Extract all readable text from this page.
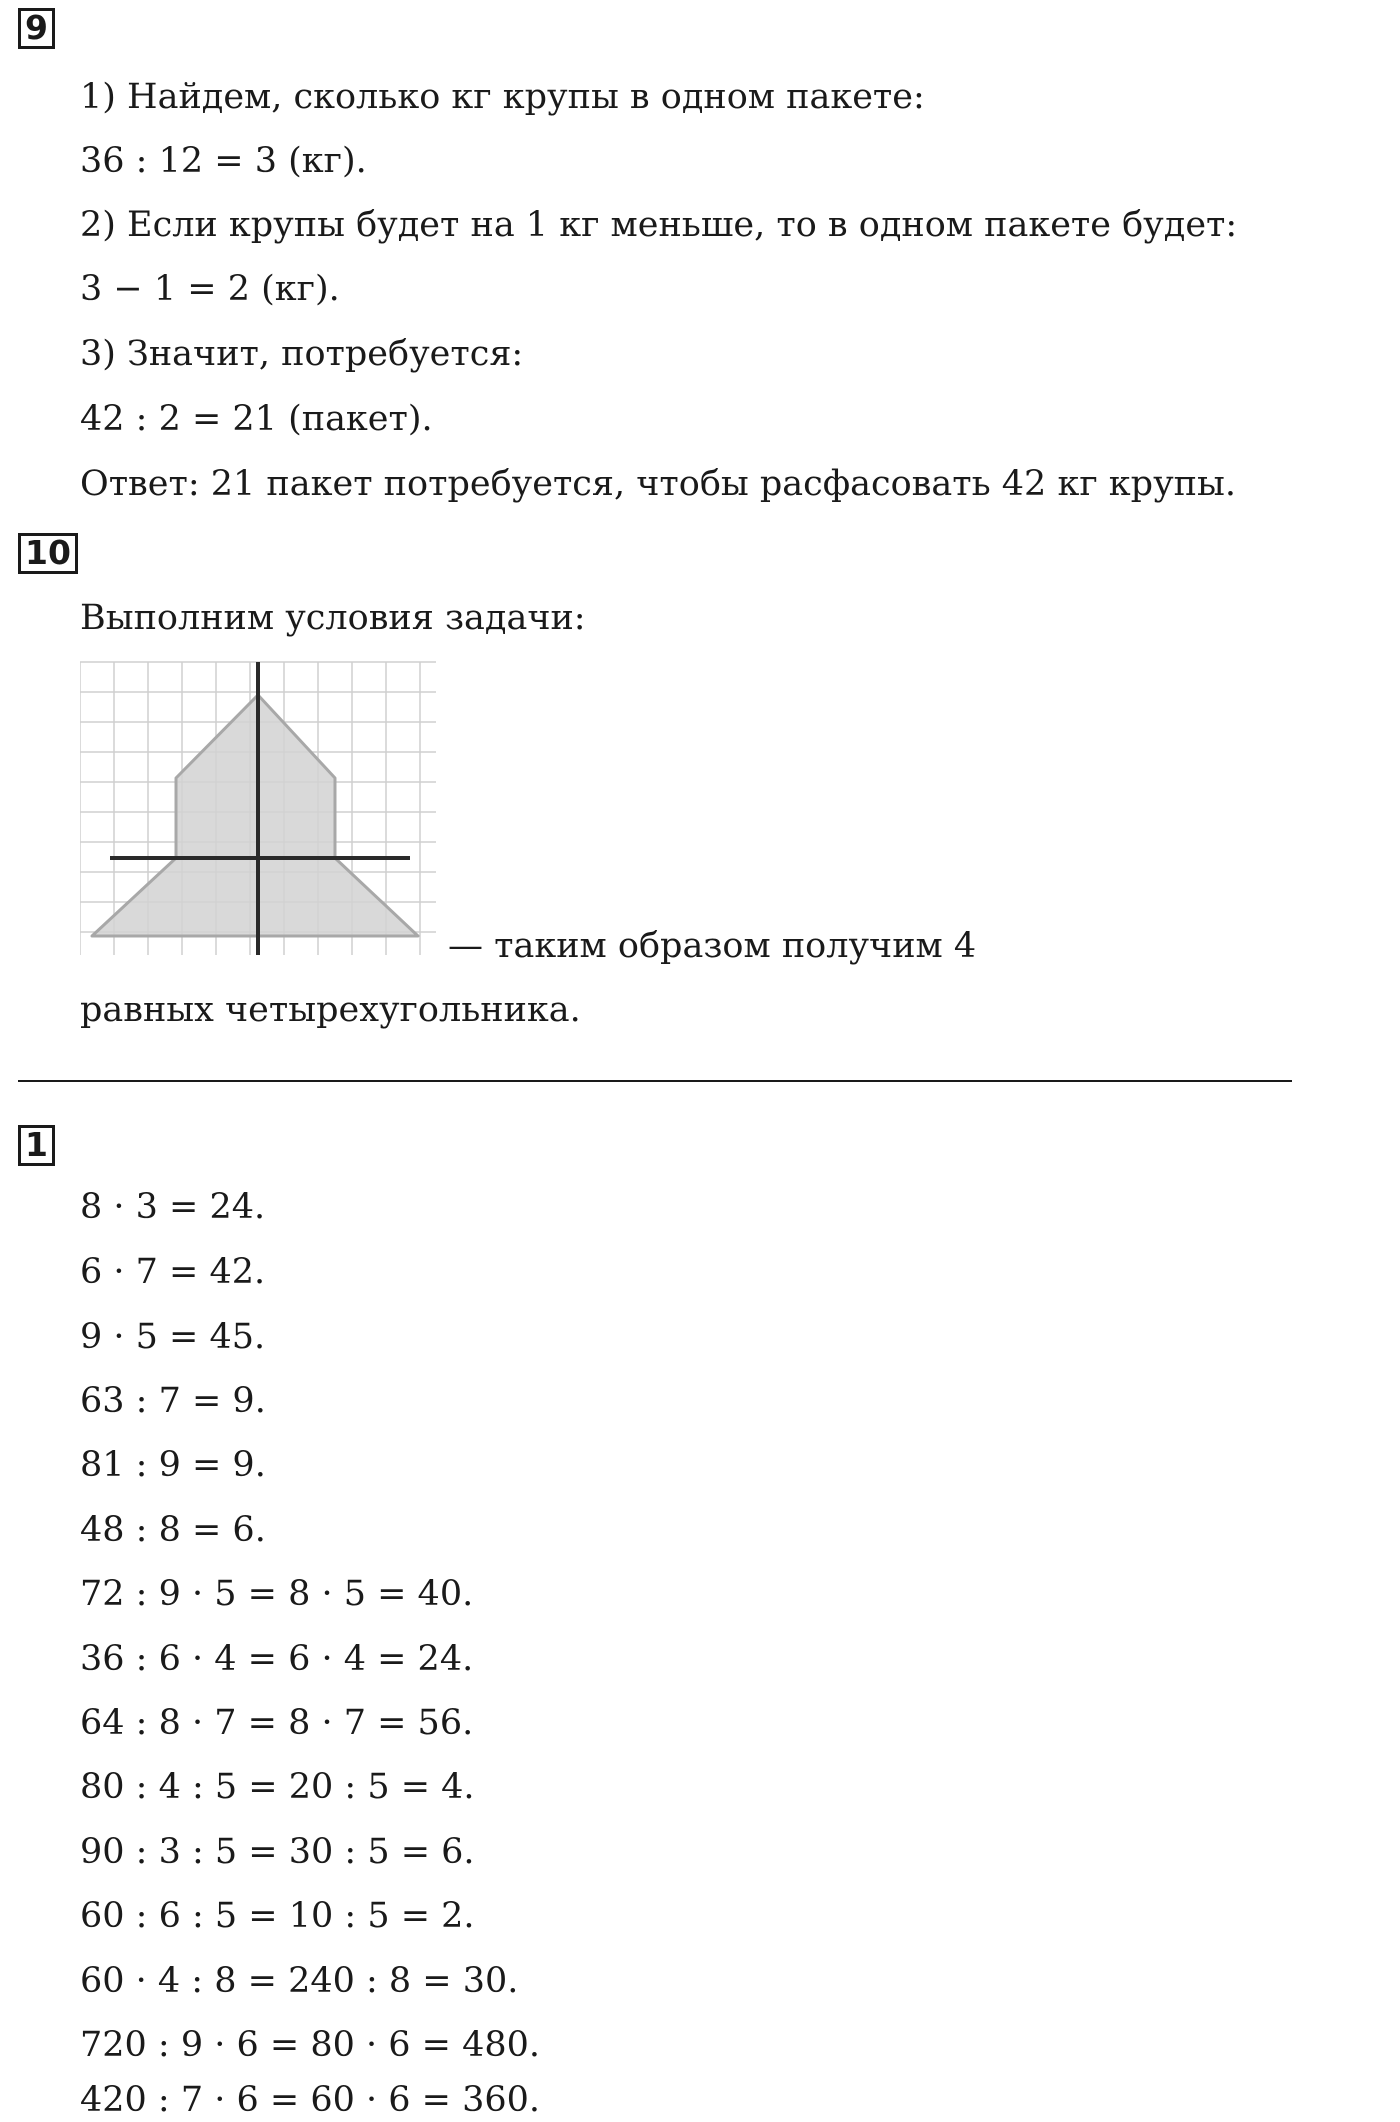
9
1) Найдем, сколько кг крупы в одном пакете:
36 : 12 = 3 (кг).
2) Если крупы будет на 1 кг меньше, то в одном пакете будет:
3 − 1 = 2 (кг).
3) Значит, потребуется:
42 : 2 = 21 (пакет).
Ответ: 21 пакет потребуется, чтобы расфасовать 42 кг крупы.
10
Выполним условия задачи:
— таким образом получим 4
равных четырехугольника.
1
8 · 3 = 24.
6 · 7 = 42.
9 · 5 = 45.
63 : 7 = 9.
81 : 9 = 9.
48 : 8 = 6.
72 : 9 · 5 = 8 · 5 = 40.
36 : 6 · 4 = 6 · 4 = 24.
64 : 8 · 7 = 8 · 7 = 56.
80 : 4 : 5 = 20 : 5 = 4.
90 : 3 : 5 = 30 : 5 = 6.
60 : 6 : 5 = 10 : 5 = 2.
60 · 4 : 8 = 240 : 8 = 30.
720 : 9 · 6 = 80 · 6 = 480.
420 : 7 · 6 = 60 · 6 = 360.
